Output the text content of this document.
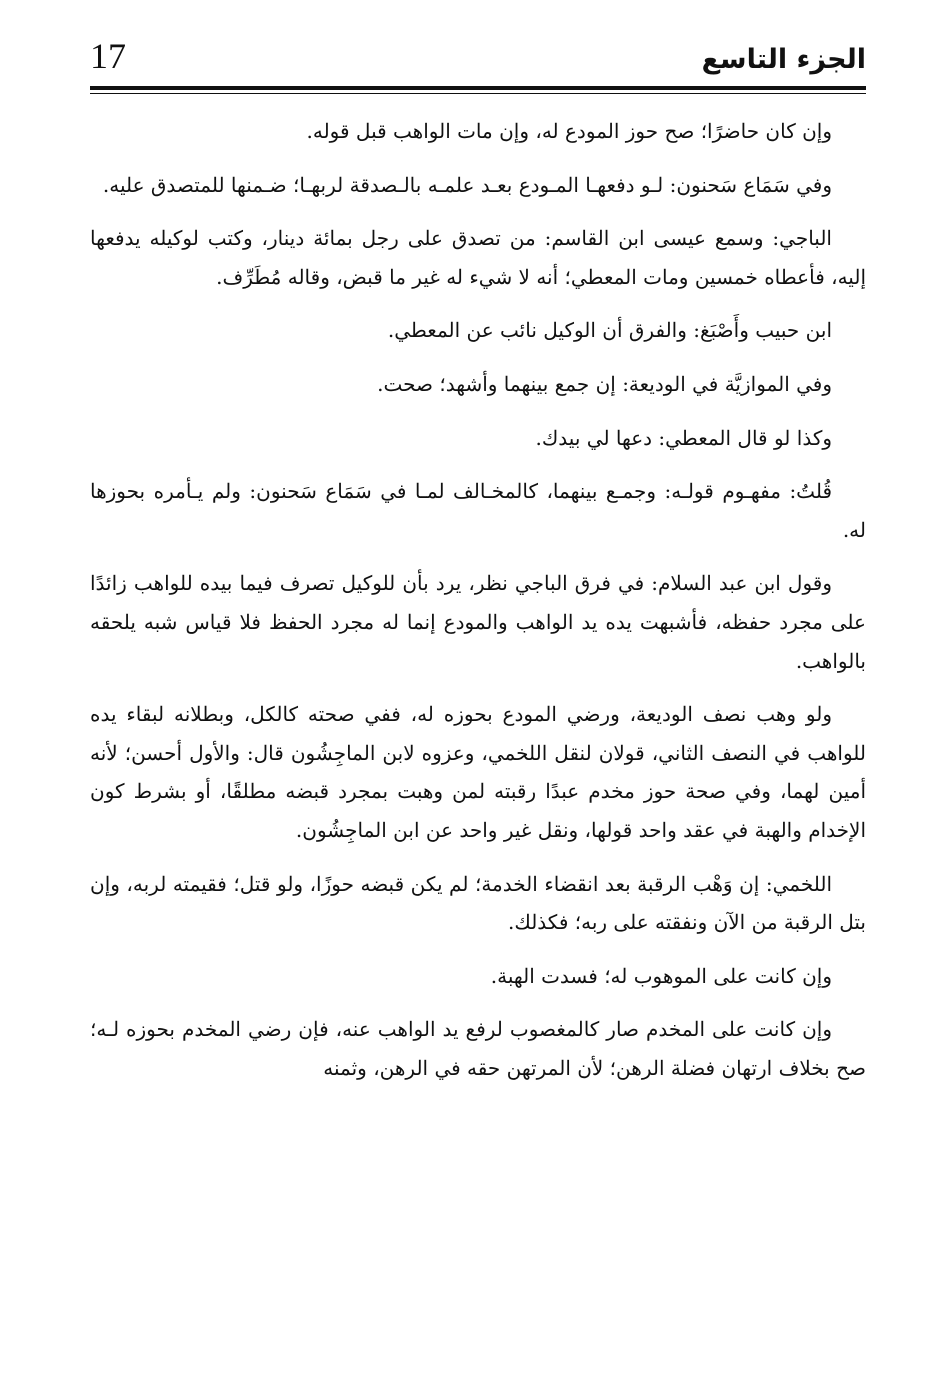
17	الجزء التاسع

وإن كان حاضرًا؛ صح حوز المودع له، وإن مات الواهب قبل قوله.

وفي سَمَاع سَحنون: لـو دفعهـا المـودع بعـد علمـه بالـصدقة لربهـا؛ ضـمنها للمتصدق عليه.

الباجي: وسمع عيسى ابن القاسم: من تصدق على رجل بمائة دينار، وكتب لوكيله يدفعها إليه، فأعطاه خمسين ومات المعطي؛ أنه لا شيء له غير ما قبض، وقاله مُطَرِّف.

ابن حبيب وأَصْبَغ: والفرق أن الوكيل نائب عن المعطي.

وفي الموازيَّة في الوديعة: إن جمع بينهما وأشهد؛ صحت.

وكذا لو قال المعطي: دعها لي بيدك.

قُلتُ: مفهـوم قولـه: وجمـع بينهما، كالمخـالف لمـا في سَمَاع سَحنون: ولم يـأمره بحوزها له.

وقول ابن عبد السلام: في فرق الباجي نظر، يرد بأن للوكيل تصرف فيما بيده للواهب زائدًا على مجرد حفظه، فأشبهت يده يد الواهب والمودع إنما له مجرد الحفظ فلا قياس شبه يلحقه بالواهب.

ولو وهب نصف الوديعة، ورضي المودع بحوزه له، ففي صحته كالكل، وبطلانه لبقاء يده للواهب في النصف الثاني، قولان لنقل اللخمي، وعزوه لابن الماجِشُون قال: والأول أحسن؛ لأنه أمين لهما، وفي صحة حوز مخدم عبدًا رقبته لمن وهبت بمجرد قبضه مطلقًا، أو بشرط كون الإخدام والهبة في عقد واحد قولها، ونقل غير واحد عن ابن الماجِشُون.

اللخمي: إن وَهْب الرقبة بعد انقضاء الخدمة؛ لم يكن قبضه حوزًا، ولو قتل؛ فقيمته لربه، وإن بتل الرقبة من الآن ونفقته على ربه؛ فكذلك.

وإن كانت على الموهوب له؛ فسدت الهبة.

وإن كانت على المخدم صار كالمغصوب لرفع يد الواهب عنه، فإن رضي المخدم بحوزه لـه؛ صح بخلاف ارتهان فضلة الرهن؛ لأن المرتهن حقه في الرهن، وثمنه
